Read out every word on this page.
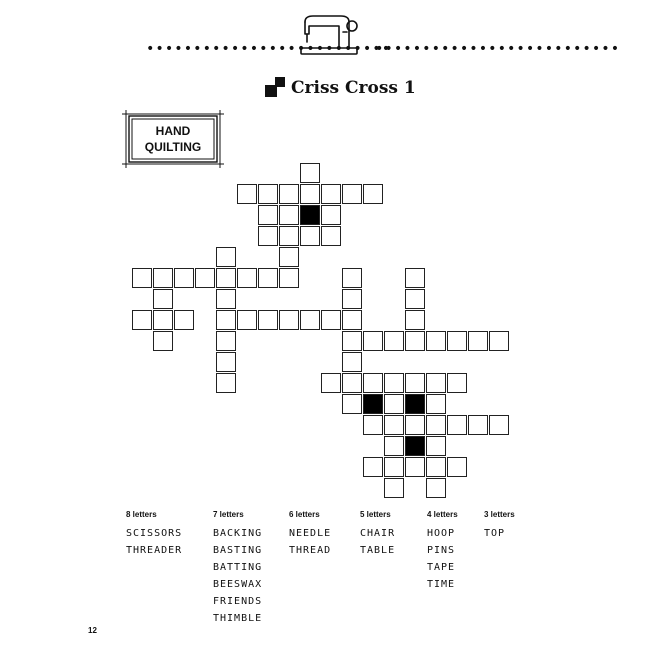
••••••••••••••••••••••••••
••••••••••••••••••••••••••
Criss Cross 1
HAND
QUILTING
8 letters
SCISSORS
THREADER
7 letters
BACKING
BASTING
BATTING
BEESWAX
FRIENDS
THIMBLE
6 letters
NEEDLE
THREAD
5 letters
CHAIR
TABLE
4 letters
HOOP
PINS
TAPE
TIME
3 letters
TOP
12
